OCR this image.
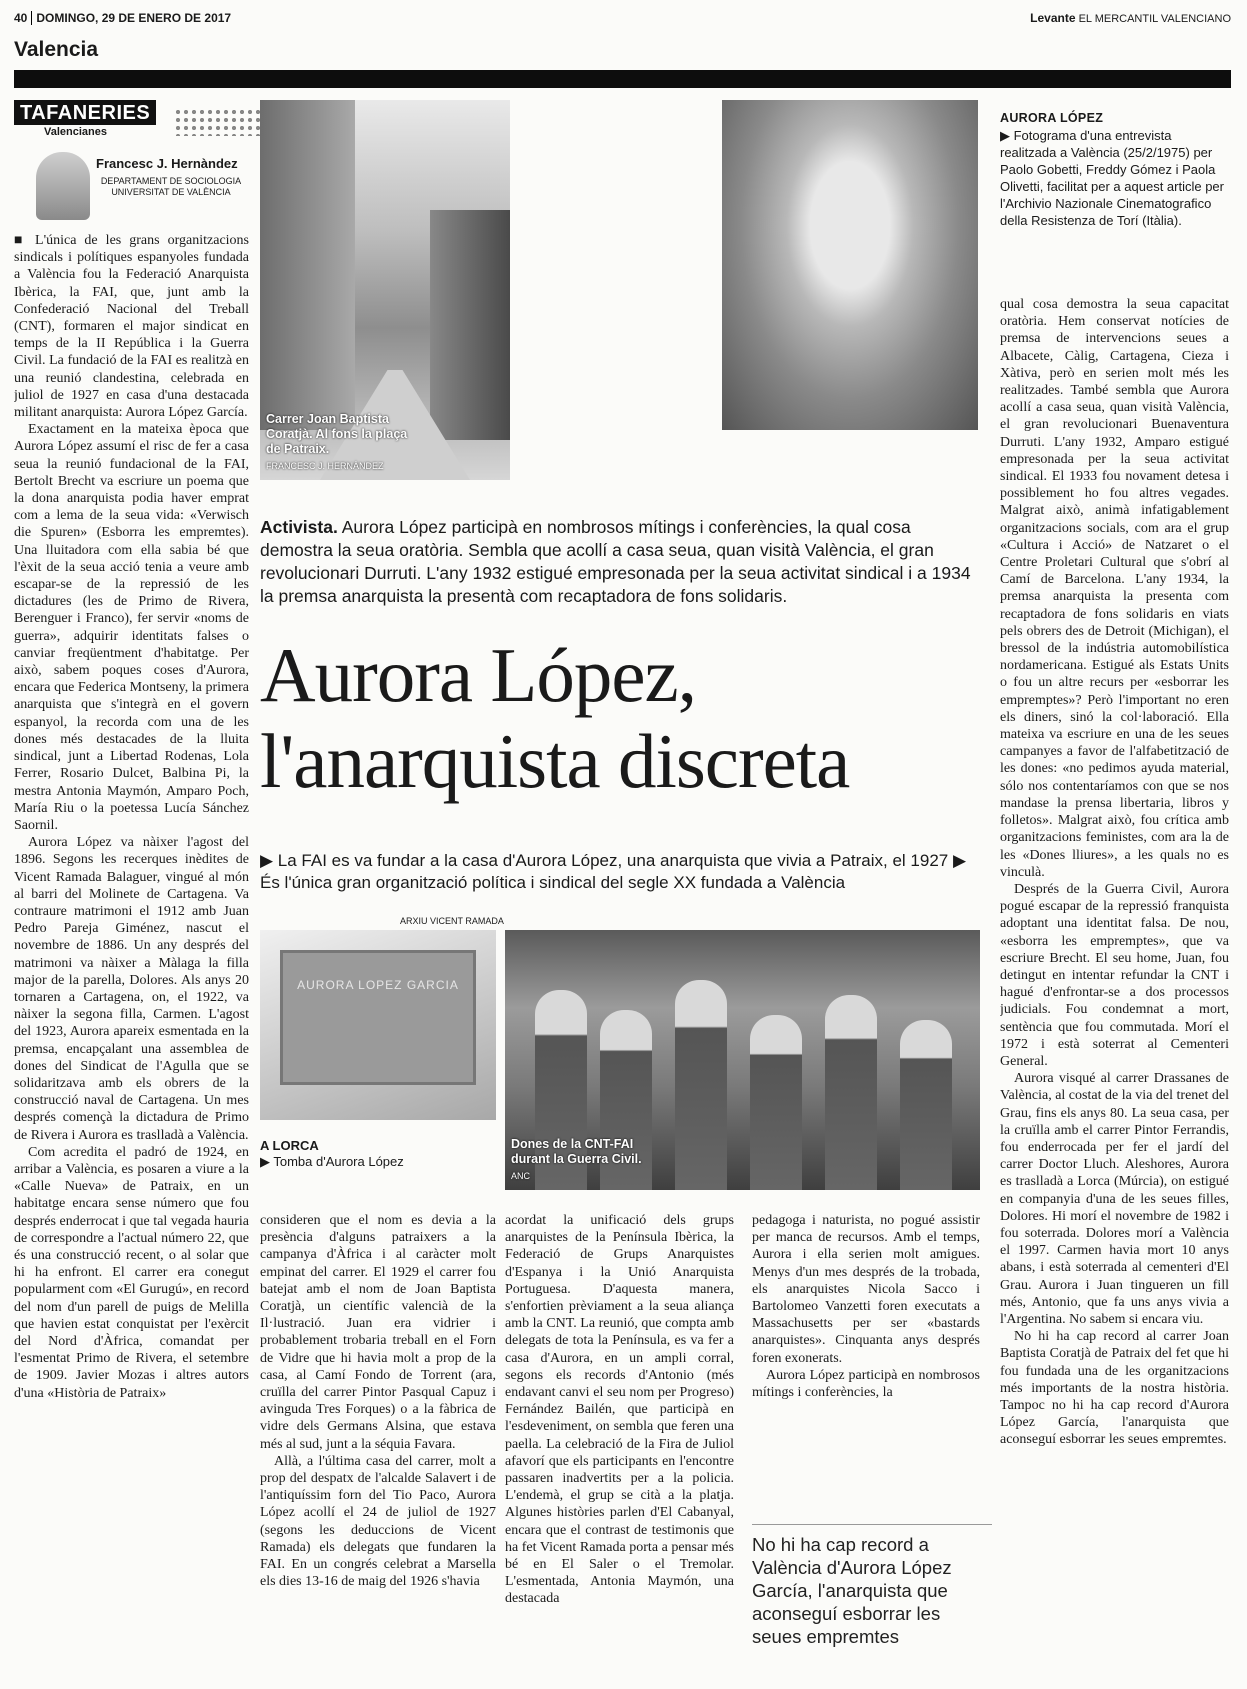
40 DOMINGO, 29 DE ENERO DE 2017	Levante EL MERCANTIL VALENCIANO
Valencia
TAFANERIES
Valencianes
Francesc J. Hernàndez
DEPARTAMENT DE SOCIOLOGIA UNIVERSITAT DE VALÈNCIA

■ L'única de les grans organitzacions sindicals i polítiques espanyoles fundada a València fou la Federació Anarquista Ibèrica, la FAI, que, junt amb la Confederació Nacional del Treball (CNT), formaren el major sindicat en temps de la II República i la Guerra Civil. La fundació de la FAI es realitzà en una reunió clandestina, celebrada en juliol de 1927 en casa d'una destacada militant anarquista: Aurora López García.

Exactament en la mateixa època que Aurora López assumí el risc de fer a casa seua la reunió fundacional de la FAI, Bertolt Brecht va escriure un poema que la dona anarquista podia haver emprat com a lema de la seua vida: «Verwisch die Spuren» (Esborra les empremtes). Una lluitadora com ella sabia bé que l'èxit de la seua acció tenia a veure amb escapar-se de la repressió de les dictadures (les de Primo de Rivera, Berenguer i Franco), fer servir «noms de guerra», adquirir identitats falses o canviar freqüentment d'habitatge. Per això, sabem poques coses d'Aurora, encara que Federica Montseny, la primera anarquista que s'integrà en el govern espanyol, la recorda com una de les dones més destacades de la lluita sindical, junt a Libertad Rodenas, Lola Ferrer, Rosario Dulcet, Balbina Pi, la mestra Antonia Maymón, Amparo Poch, María Riu o la poetessa Lucía Sánchez Saornil.

Aurora López va nàixer l'agost del 1896. Segons les recerques inèdites de Vicent Ramada Balaguer, vingué al món al barri del Molinete de Cartagena. Va contraure matrimoni el 1912 amb Juan Pedro Pareja Giménez, nascut el novembre de 1886. Un any després del matrimoni va nàixer a Màlaga la filla major de la parella, Dolores. Als anys 20 tornaren a Cartagena, on, el 1922, va nàixer la segona filla, Carmen. L'agost del 1923, Aurora apareix esmentada en la premsa, encapçalant una assemblea de dones del Sindicat de l'Agulla que se solidaritzava amb els obrers de la construcció naval de Cartagena. Un mes després començà la dictadura de Primo de Rivera i Aurora es traslladà a València.

Com acredita el padró de 1924, en arribar a València, es posaren a viure a la «Calle Nueva» de Patraix, en un habitatge encara sense número que fou després enderrocat i que tal vegada hauria de correspondre a l'actual número 22, que és una construcció recent, o al solar que hi ha enfront. El carrer era conegut popularment com «El Gurugú», en record del nom d'un parell de puigs de Melilla que havien estat conquistat per l'exèrcit del Nord d'Àfrica, comandat per l'esmentat Primo de Rivera, el setembre de 1909. Javier Mozas i altres autors d'una «Història de Patraix»

Carrer Joan Baptista Coratjà. Al fons la plaça de Patraix.
FRANCESC J. HERNÀNDEZ
AURORA LÓPEZ
▶ Fotograma d'una entrevista realitzada a València (25/2/1975) per Paolo Gobetti, Freddy Gómez i Paola Olivetti, facilitat per a aquest article per l'Archivio Nazionale Cinematografico della Resistenza de Torí (Itàlia).
Activista. Aurora López participà en nombrosos mítings i conferències, la qual cosa demostra la seua oratòria. Sembla que acollí a casa seua, quan visità València, el gran revolucionari Durruti. L'any 1932 estigué empresonada per la seua activitat sindical i a 1934 la premsa anarquista la presentà com recaptadora de fons solidaris.
Aurora López,
l'anarquista discreta
▶ La FAI es va fundar a la casa d'Aurora López, una anarquista que vivia a Patraix, el 1927 ▶ És l'única gran organització política i sindical del segle XX fundada a València
ARXIU VICENT RAMADA
AURORA LOPEZ GARCIA
A LORCA
▶ Tomba d'Aurora López
Dones de la CNT-FAI durant la Guerra Civil.
ANC

consideren que el nom es devia a la presència d'alguns patraixers a la campanya d'Àfrica i al caràcter molt empinat del carrer. El 1929 el carrer fou batejat amb el nom de Joan Baptista Coratjà, un científic valencià de la Il·lustració. Juan era vidrier i probablement trobaria treball en el Forn de Vidre que hi havia molt a prop de la casa, al Camí Fondo de Torrent (ara, cruïlla del carrer Pintor Pasqual Capuz i avinguda Tres Forques) o a la fàbrica de vidre dels Germans Alsina, que estava més al sud, junt a la séquia Favara.

Allà, a l'última casa del carrer, molt a prop del despatx de l'alcalde Salavert i de l'antiquíssim forn del Tio Paco, Aurora López acollí el 24 de juliol de 1927 (segons les deduccions de Vicent Ramada) els delegats que fundaren la FAI. En un congrés celebrat a Marsella els dies 13-16 de maig del 1926 s'havia

acordat la unificació dels grups anarquistes de la Península Ibèrica, la Federació de Grups Anarquistes d'Espanya i la Unió Anarquista Portuguesa. D'aquesta manera, s'enfortien prèviament a la seua aliança amb la CNT. La reunió, que compta amb delegats de tota la Península, es va fer a casa d'Aurora, en un ampli corral, segons els records d'Antonio (més endavant canvi el seu nom per Progreso) Fernández Bailén, que participà en l'esdeveniment, on sembla que feren una paella. La celebració de la Fira de Juliol afavorí que els participants en l'encontre passaren inadvertits per a la policia. L'endemà, el grup se cità a la platja. Algunes històries parlen d'El Cabanyal, encara que el contrast de testimonis que ha fet Vicent Ramada porta a pensar més bé en El Saler o el Tremolar. L'esmentada, Antonia Maymón, una destacada

pedagoga i naturista, no pogué assistir per manca de recursos. Amb el temps, Aurora i ella serien molt amigues. Menys d'un mes després de la trobada, els anarquistes Nicola Sacco i Bartolomeo Vanzetti foren executats a Massachusetts per ser «bastards anarquistes». Cinquanta anys després foren exonerats.

Aurora López participà en nombrosos mítings i conferències, la

No hi ha cap record a València d'Aurora López García, l'anarquista que aconseguí esborrar les seues empremtes

qual cosa demostra la seua capacitat oratòria. Hem conservat notícies de premsa de intervencions seues a Albacete, Càlig, Cartagena, Cieza i Xàtiva, però en serien molt més les realitzades. També sembla que Aurora acollí a casa seua, quan visità València, el gran revolucionari Buenaventura Durruti. L'any 1932, Amparo estigué empresonada per la seua activitat sindical. El 1933 fou novament detesa i possiblement ho fou altres vegades. Malgrat això, animà infatigablement organitzacions socials, com ara el grup «Cultura i Acció» de Natzaret o el Centre Proletari Cultural que s'obrí al Camí de Barcelona. L'any 1934, la premsa anarquista la presenta com recaptadora de fons solidaris en viats pels obrers des de Detroit (Michigan), el bressol de la indústria automobilística nordamericana. Estigué als Estats Units o fou un altre recurs per «esborrar les empremptes»? Però l'important no eren els diners, sinó la col·laboració. Ella mateixa va escriure en una de les seues campanyes a favor de l'alfabetització de les dones: «no pedimos ayuda material, sólo nos contentaríamos con que se nos mandase la prensa libertaria, libros y folletos». Malgrat això, fou crítica amb organitzacions feministes, com ara la de les «Dones lliures», a les quals no es vinculà.

Després de la Guerra Civil, Aurora pogué escapar de la repressió franquista adoptant una identitat falsa. De nou, «esborra les empremptes», que va escriure Brecht. El seu home, Juan, fou detingut en intentar refundar la CNT i hagué d'enfrontar-se a dos processos judicials. Fou condemnat a mort, sentència que fou commutada. Morí el 1972 i està soterrat al Cementeri General.

Aurora visqué al carrer Drassanes de València, al costat de la via del trenet del Grau, fins els anys 80. La seua casa, per la cruïlla amb el carrer Pintor Ferrandis, fou enderrocada per fer el jardí del carrer Doctor Lluch. Aleshores, Aurora es traslladà a Lorca (Múrcia), on estigué en companyia d'una de les seues filles, Dolores. Hi morí el novembre de 1982 i fou soterrada. Dolores morí a València el 1997. Carmen havia mort 10 anys abans, i està soterrada al cementeri d'El Grau. Aurora i Juan tingueren un fill més, Antonio, que fa uns anys vivia a l'Argentina. No sabem si encara viu.

No hi ha cap record al carrer Joan Baptista Coratjà de Patraix del fet que hi fou fundada una de les organitzacions més importants de la nostra història. Tampoc no hi ha cap record d'Aurora López García, l'anarquista que aconseguí esborrar les seues empremtes.
